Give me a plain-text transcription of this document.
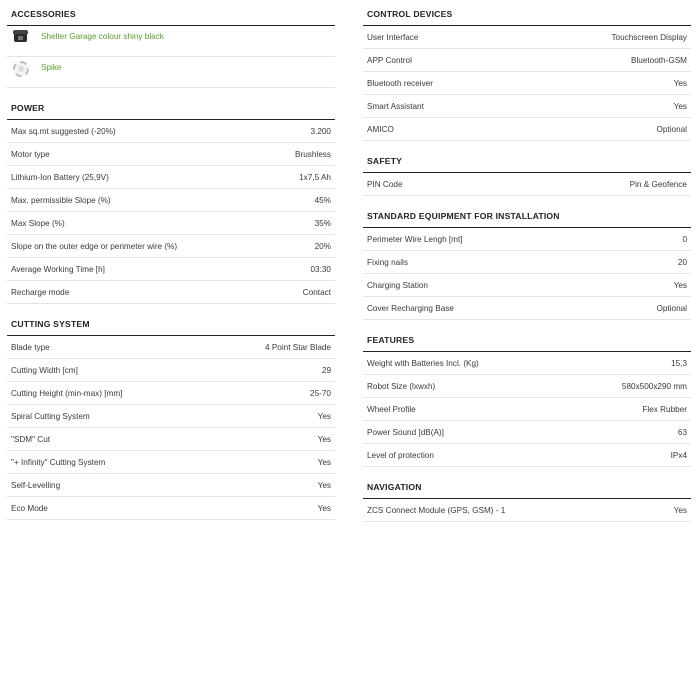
ACCESSORIES
Shelter Garage colour shiny black
Spike
POWER
Max sq.mt suggested (-20%)	3.200
Motor type	Brushless
Lithium-Ion Battery (25,9V)	1x7,5 Ah
Max. permissible Slope (%)	45%
Max Slope (%)	35%
Slope on the outer edge or perimeter wire (%)	20%
Average Working Time [h]	03:30
Recharge mode	Contact
CUTTING SYSTEM
Blade type	4 Point Star Blade
Cutting Width [cm]	29
Cutting Height (min-max) [mm]	25-70
Spiral Cutting System	Yes
"SDM" Cut	Yes
"+ Infinity" Cutting System	Yes
Self-Levelling	Yes
Eco Mode	Yes
CONTROL DEVICES
User Interface	Touchscreen Display
APP Control	Bluetooth-GSM
Bluetooth receiver	Yes
Smart Assistant	Yes
AMICO	Optional
SAFETY
PIN Code	Pin & Geofence
STANDARD EQUIPMENT FOR INSTALLATION
Perimeter Wire Lengh [mt]	0
Fixing nails	20
Charging Station	Yes
Cover Recharging Base	Optional
FEATURES
Weight with Batteries Incl. (Kg)	15,3
Robot Size (lxwxh)	580x500x290 mm
Wheel Profile	Flex Rubber
Power Sound [dB(A)]	63
Level of protection	IPx4
NAVIGATION
ZCS Connect Module (GPS, GSM) - 1	Yes
